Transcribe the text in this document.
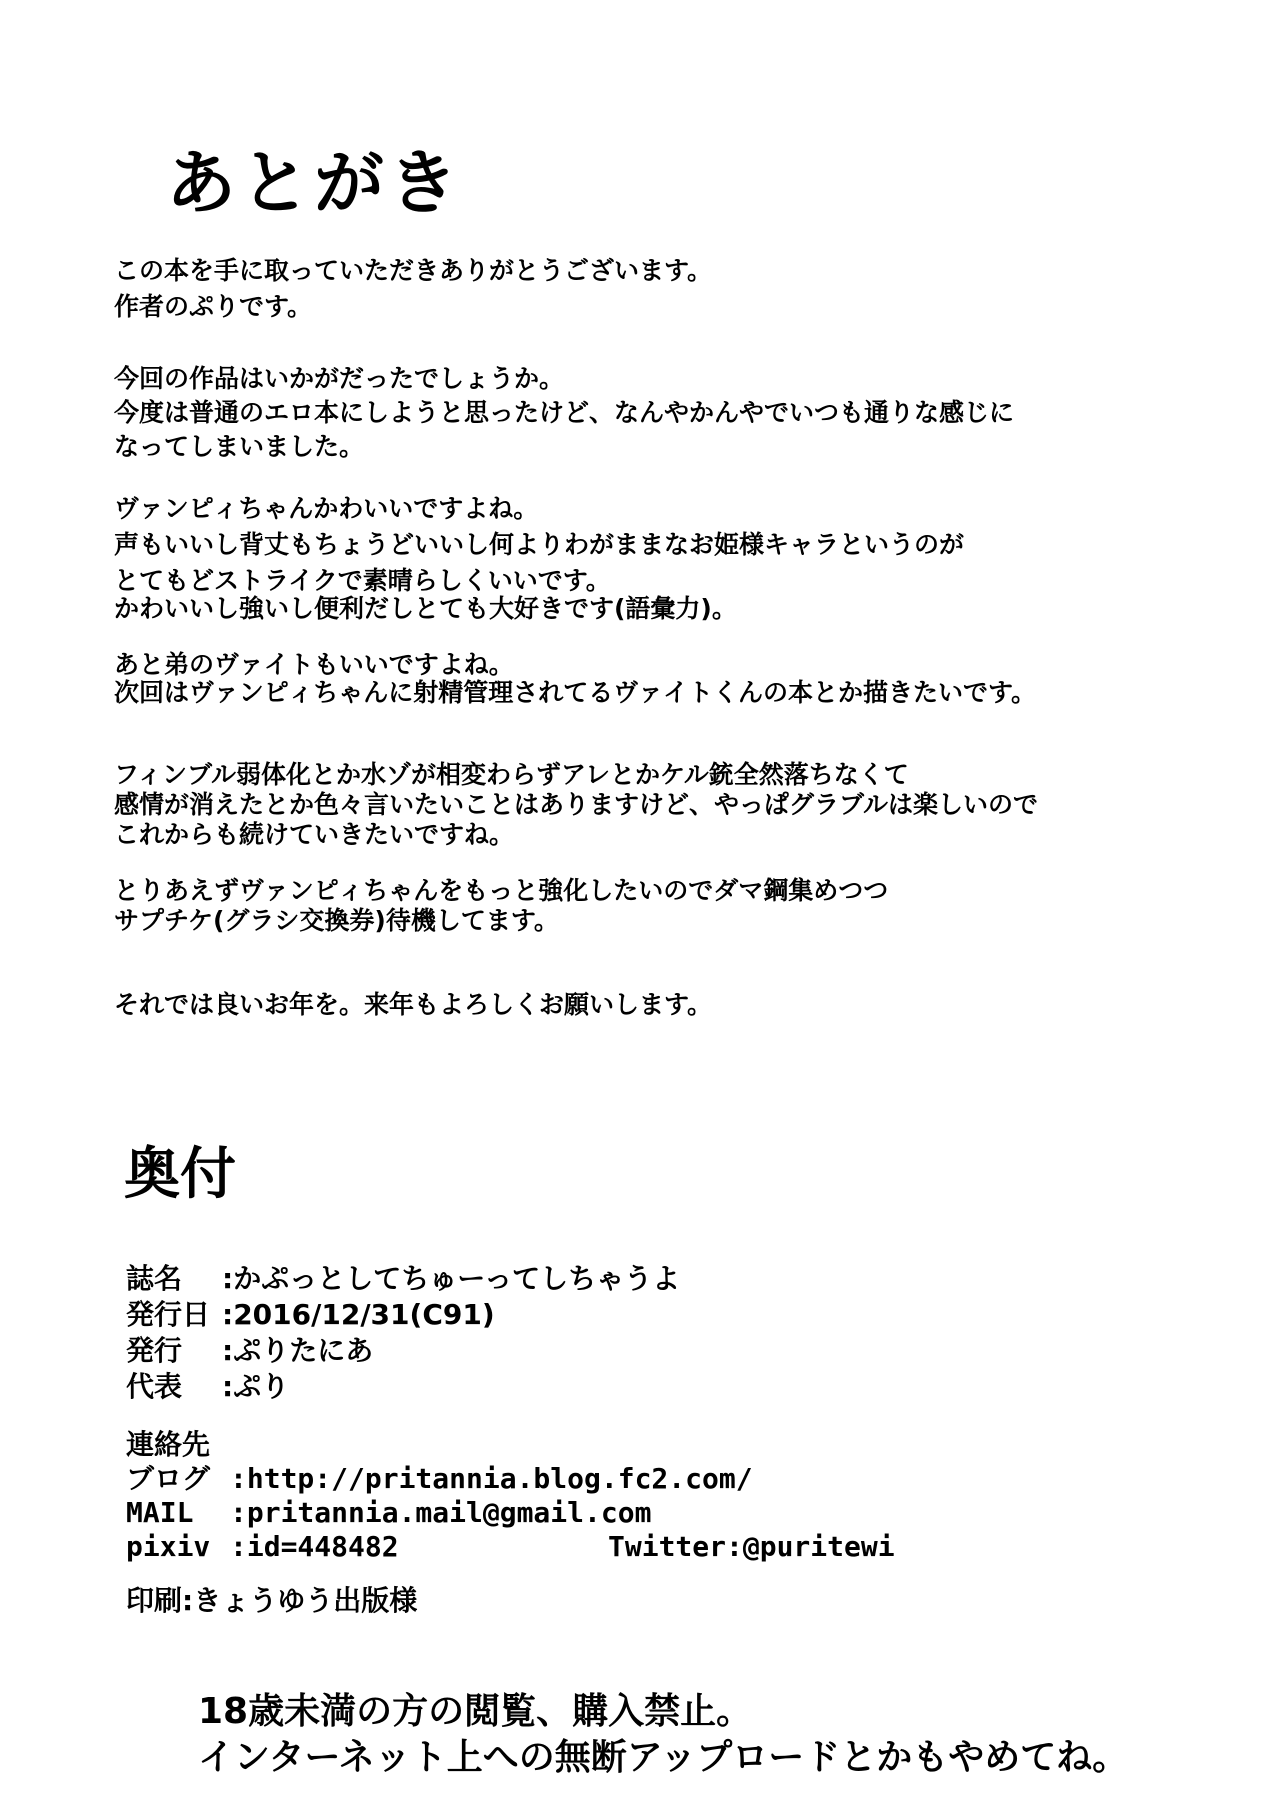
あとがき
この本を手に取っていただきありがとうございます。
作者のぷりです。
今回の作品はいかがだったでしょうか。
今度は普通のエロ本にしようと思ったけど、なんやかんやでいつも通りな感じに
なってしまいました。
ヴァンピィちゃんかわいいですよね。
声もいいし背丈もちょうどいいし何よりわがままなお姫様キャラというのが
とてもどストライクで素晴らしくいいです。
かわいいし強いし便利だしとても大好きです(語彙力)。
あと弟のヴァイトもいいですよね。
次回はヴァンピィちゃんに射精管理されてるヴァイトくんの本とか描きたいです。
フィンブル弱体化とか水ゾが相変わらずアレとかケル銃全然落ちなくて
感情が消えたとか色々言いたいことはありますけど、やっぱグラブルは楽しいので
これからも続けていきたいですね。
とりあえずヴァンピィちゃんをもっと強化したいのでダマ鋼集めつつ
サプチケ(グラシ交換券)待機してます。
それでは良いお年を。来年もよろしくお願いします。
奥付
誌名 :かぷっとしてちゅーってしちゃうよ
発行日 :2016/12/31(C91)
発行 :ぷりたにあ
代表 :ぷり
連絡先
ブログ :http://pritannia.blog.fc2.com/
MAIL :pritannia.mail@gmail.com
pixiv :id=448482	Twitter:@puritewi
印刷:きょうゆう出版様
18歳未満の方の閲覧、購入禁止。
インターネット上への無断アップロードとかもやめてね。
